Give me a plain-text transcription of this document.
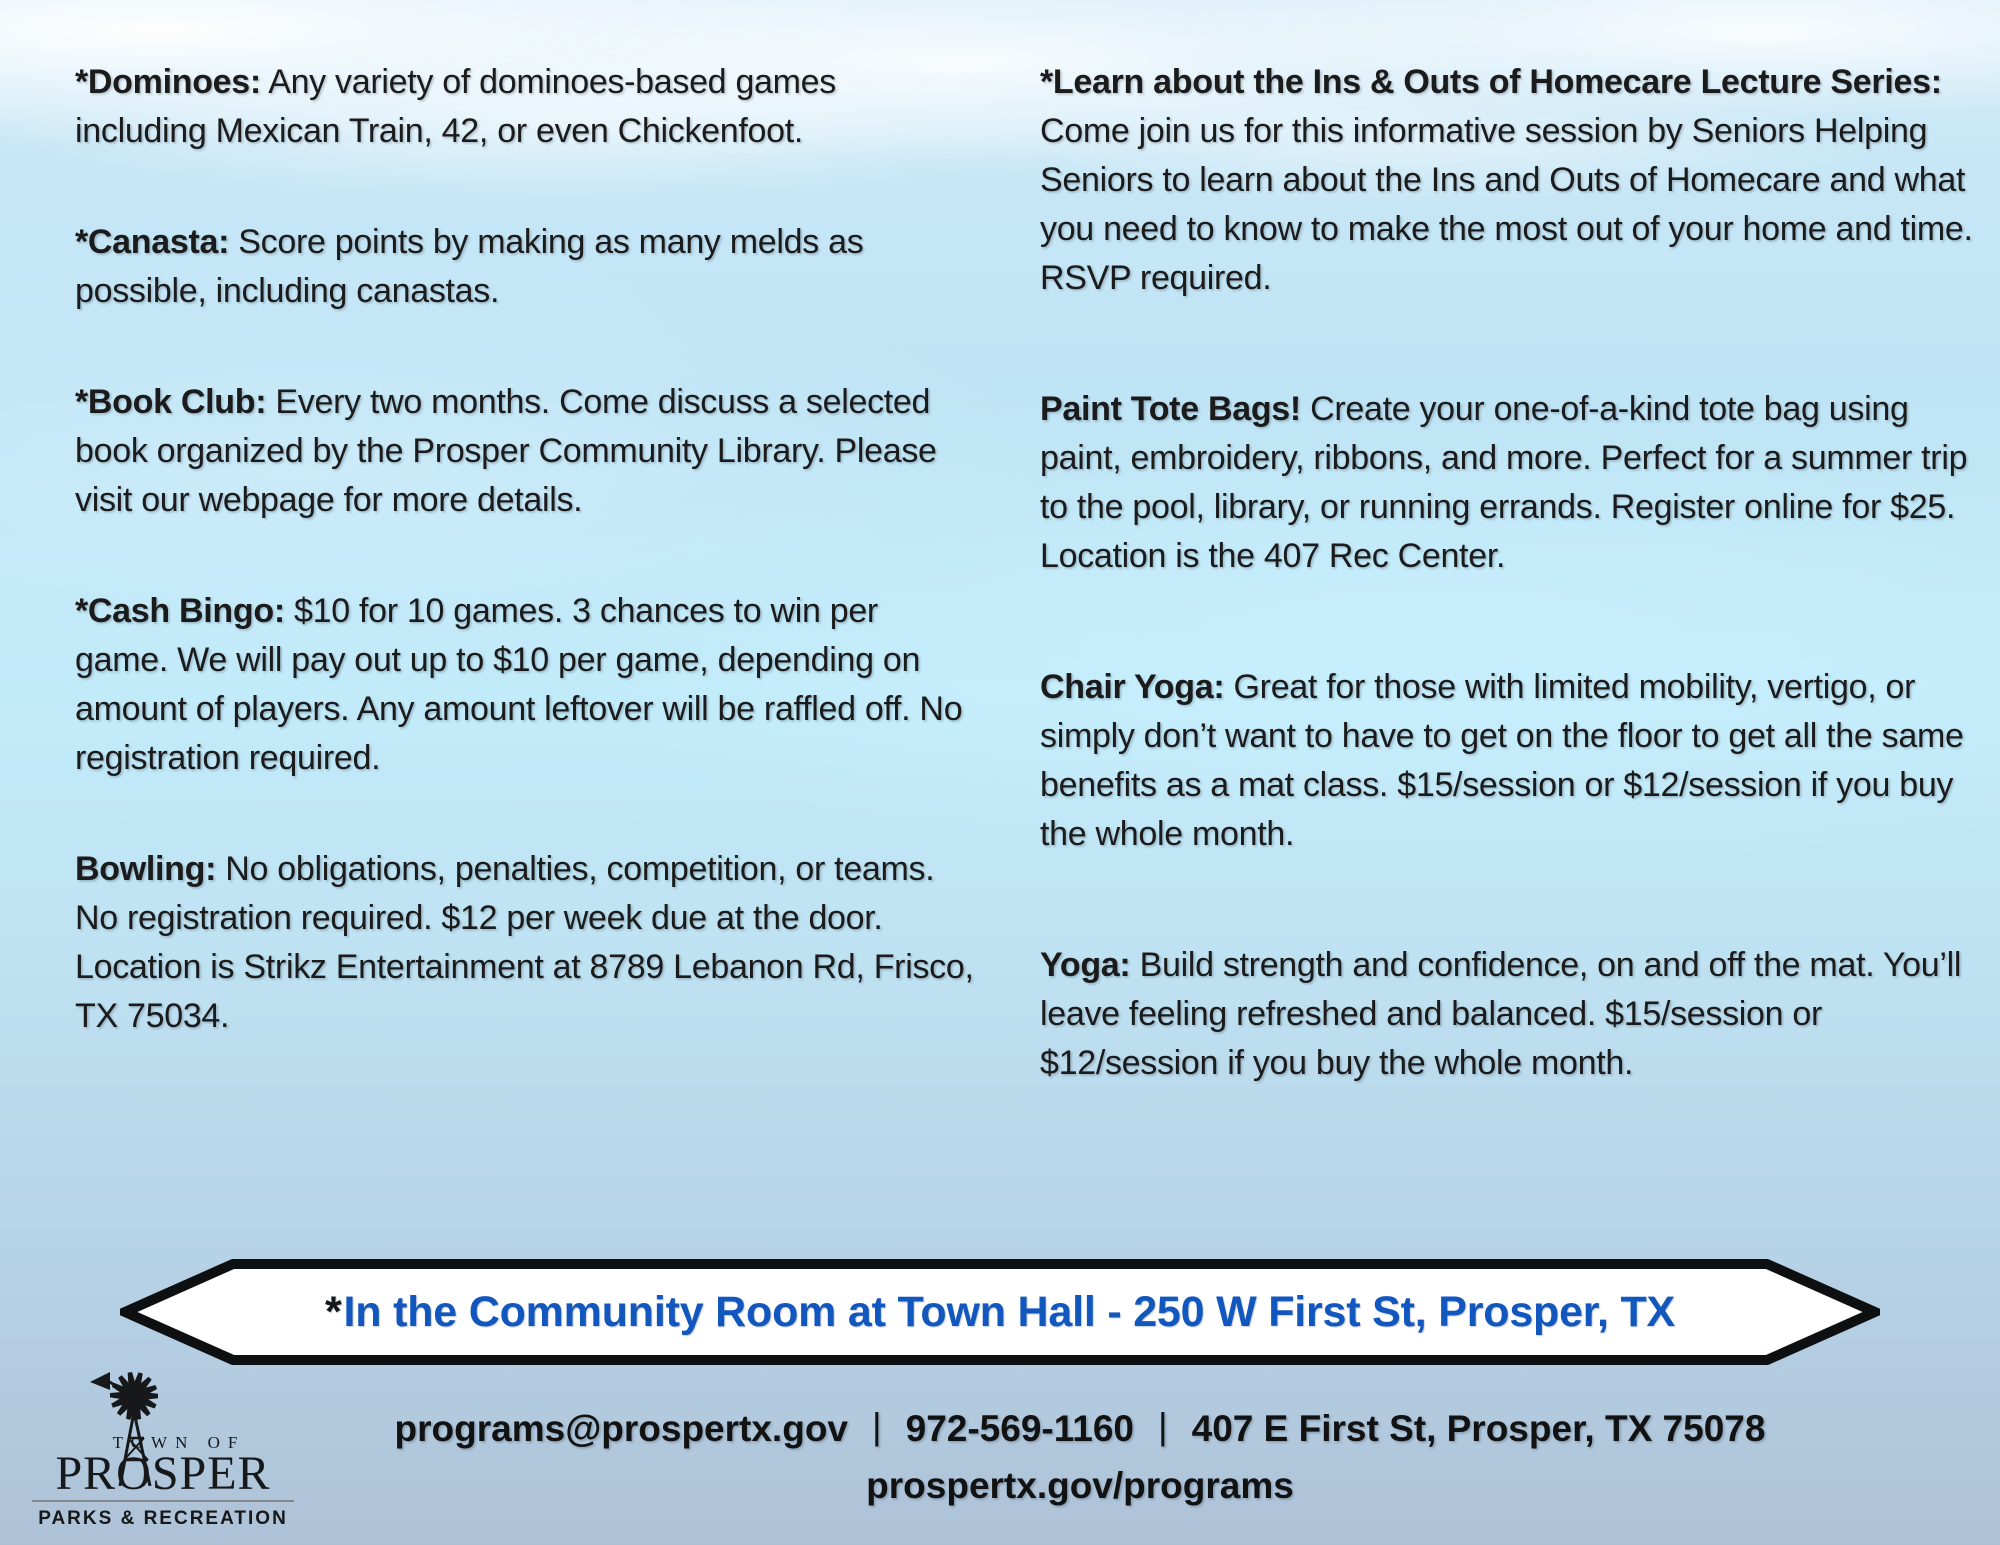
*Dominoes: Any variety of dominoes-based games including Mexican Train, 42, or even Chickenfoot.

*Canasta: Score points by making as many melds as possible, including canastas.

*Book Club: Every two months. Come discuss a selected book organized by the Prosper Community Library. Please visit our webpage for more details.

*Cash Bingo: $10 for 10 games. 3 chances to win per game. We will pay out up to $10 per game, depending on amount of players. Any amount leftover will be raffled off. No registration required.

Bowling: No obligations, penalties, competition, or teams. No registration required. $12 per week due at the door. Location is Strikz Entertainment at 8789 Lebanon Rd, Frisco, TX 75034.

*Learn about the Ins & Outs of Homecare Lecture Series: Come join us for this informative session by Seniors Helping Seniors to learn about the Ins and Outs of Homecare and what you need to know to make the most out of your home and time. RSVP required.

Paint Tote Bags! Create your one-of-a-kind tote bag using paint, embroidery, ribbons, and more. Perfect for a summer trip to the pool, library, or running errands. Register online for $25. Location is the 407 Rec Center.

Chair Yoga: Great for those with limited mobility, vertigo, or simply don’t want to have to get on the floor to get all the same benefits as a mat class. $15/session or $12/session if you buy the whole month.

Yoga: Build strength and confidence, on and off the mat. You’ll leave feeling refreshed and balanced. $15/session or $12/session if you buy the whole month.

* In the Community Room at Town Hall - 250 W First St, Prosper, TX
TOWN OF
PROSPER
PARKS & RECREATION
programs@prospertx.gov | 972-569-1160 | 407 E First St, Prosper, TX 75078
prospertx.gov/programs
